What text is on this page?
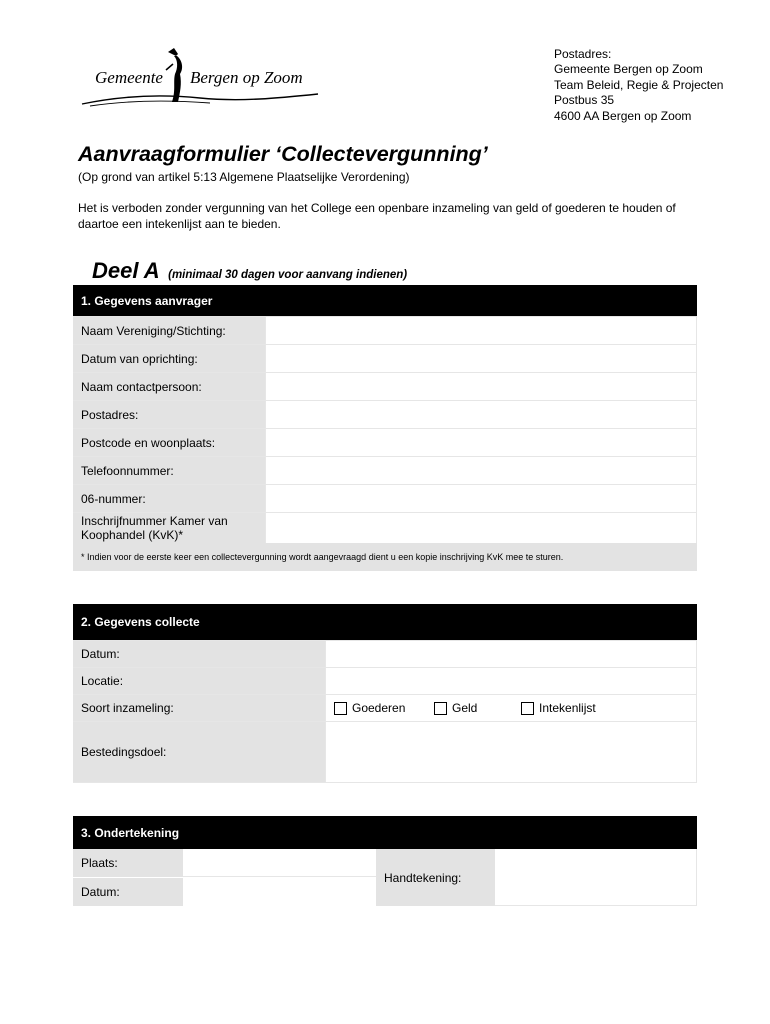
Gemeente Bergen op Zoom
Postadres:
Gemeente Bergen op Zoom
Team Beleid, Regie & Projecten
Postbus 35
4600 AA Bergen op Zoom
Aanvraagformulier ‘Collectevergunning’
(Op grond van artikel 5:13 Algemene Plaatselijke Verordening)
Het is verboden zonder vergunning van het College een openbare inzameling van geld of goederen te houden of daartoe een intekenlijst aan te bieden.
Deel A (minimaal 30 dagen voor aanvang indienen)
1. Gegevens aanvrager
Naam Vereniging/Stichting:
Datum van oprichting:
Naam contactpersoon:
Postadres:
Postcode en woonplaats:
Telefoonnummer:
06-nummer:
Inschrijfnummer Kamer van Koophandel (KvK)*
* Indien voor de eerste keer een collectevergunning wordt aangevraagd dient u een kopie inschrijving KvK mee te sturen.
2. Gegevens collecte
Datum:
Locatie:
Soort inzameling:	Goederen	Geld	Intekenlijst
Bestedingsdoel:
3. Ondertekening
Plaats:
Datum:
Handtekening:
